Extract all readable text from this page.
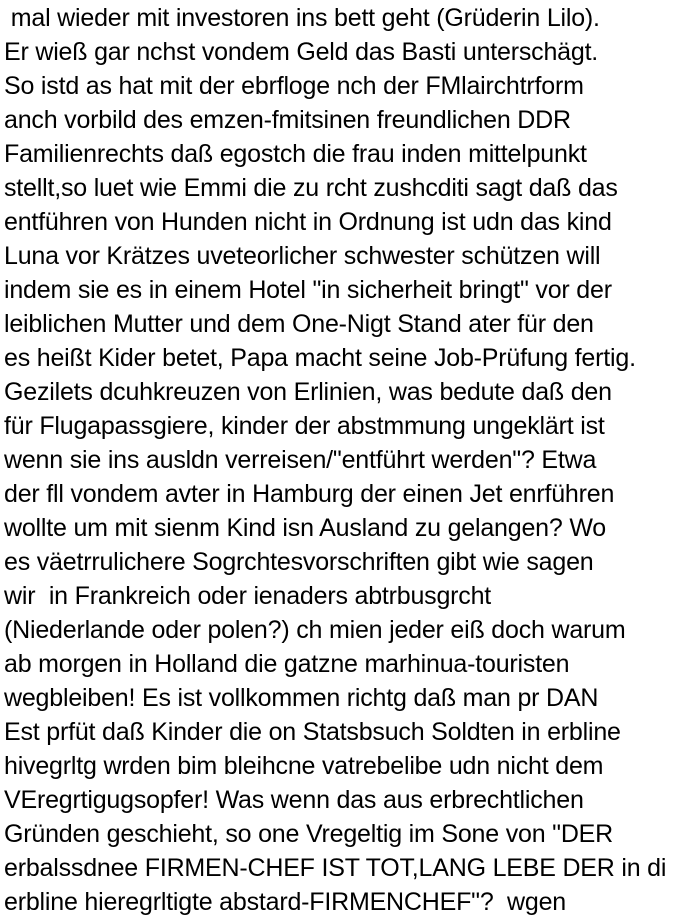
mal wieder mit investoren ins bett geht (Grüderin Lilo).
Er wieß gar nchst vondem Geld das Basti unterschägt.
So istd as hat mit der ebrfloge nch der FMlairchtrform
anch vorbild des emzen-fmitsinen freundlichen DDR
Familienrechts daß egostch die frau inden mittelpunkt
stellt,so luet wie Emmi die zu rcht zushcditi sagt daß das
entführen von Hunden nicht in Ordnung ist udn das kind
Luna vor Krätzes uveteorlicher schwester schützen will
indem sie es in einem Hotel "in sicherheit bringt" vor der
leiblichen Mutter und dem One-Nigt Stand ater für den
es heißt Kider betet, Papa macht seine Job-Prüfung fertig.
Gezilets dcuhkreuzen von Erlinien, was bedute daß den
für Flugapassgiere, kinder der abstmmung ungeklärt ist
wenn sie ins ausldn verreisen/"entführt werden"? Etwa
der fll vondem avter in Hamburg der einen Jet enrführen
wollte um mit sienm Kind isn Ausland zu gelangen? Wo
es väetrrulichere Sogrchtesvorschriften gibt wie sagen
wir  in Frankreich oder ienaders abtrbusgrcht
(Niederlande oder polen?) ch mien jeder eiß doch warum
ab morgen in Holland die gatzne marhinua-touristen
wegbleiben! Es ist vollkommen richtg daß man pr DAN
Est prfüt daß Kinder die on Statsbsuch Soldten in erbline
hivegrltg wrden bim bleihcne vatrebelibe udn nicht dem
VEregrtigugsopfer! Was wenn das aus erbrechtlichen
Gründen geschieht, so one Vregeltig im Sone von "DER
erbalssdnee FIRMEN-CHEF IST TOT,LANG LEBE DER in di
erbline hieregrltigte abstard-FIRMENCHEF"?  wgen
